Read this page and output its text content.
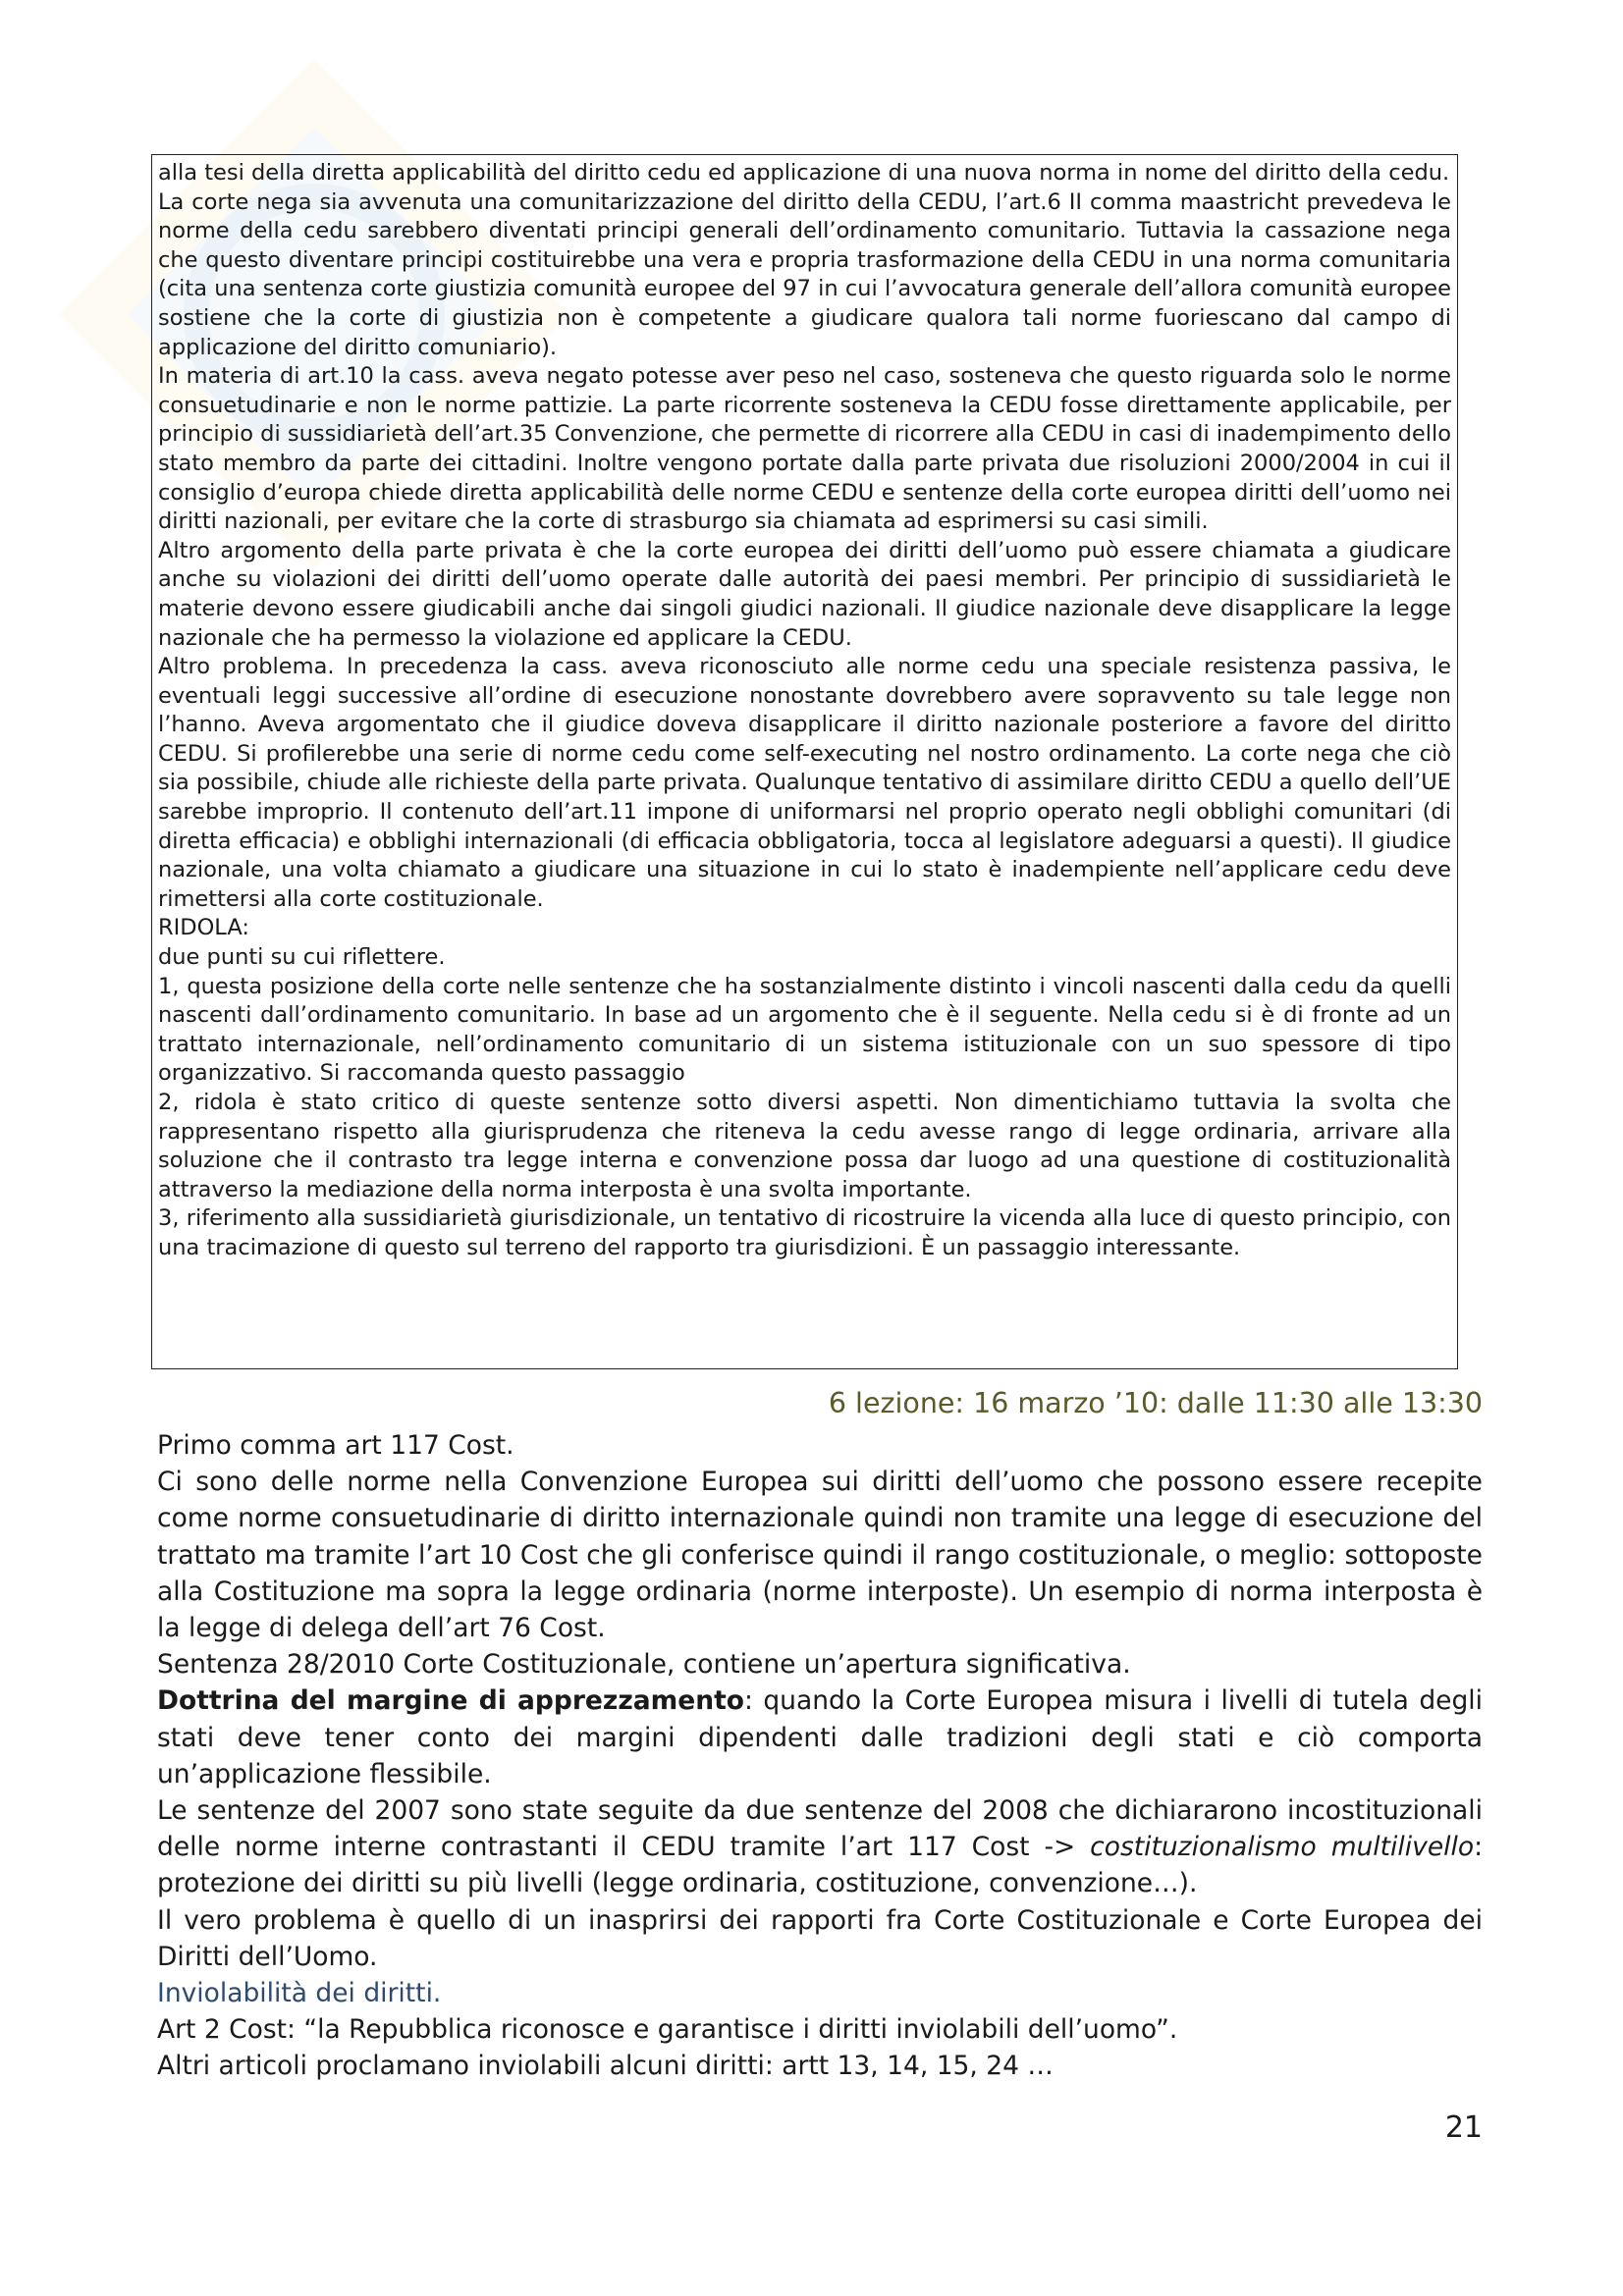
alla tesi della diretta applicabilità del diritto cedu ed applicazione di una nuova norma in nome del diritto della cedu.

La corte nega sia avvenuta una comunitarizzazione del diritto della CEDU, l’art.6 II comma maastricht prevedeva le norme della cedu sarebbero diventati principi generali dell’ordinamento comunitario. Tuttavia la cassazione nega che questo diventare principi costituirebbe una vera e propria trasformazione della CEDU in una norma comunitaria (cita una sentenza corte giustizia comunità europee del 97 in cui l’avvocatura generale dell’allora comunità europee sostiene che la corte di giustizia non è competente a giudicare qualora tali norme fuoriescano dal campo di applicazione del diritto comuniario).

In materia di art.10 la cass. aveva negato potesse aver peso nel caso, sosteneva che questo riguarda solo le norme consuetudinarie e non le norme pattizie. La parte ricorrente sosteneva la CEDU fosse direttamente applicabile, per principio di sussidiarietà dell’art.35 Convenzione, che permette di ricorrere alla CEDU in casi di inadempimento dello stato membro da parte dei cittadini. Inoltre vengono portate dalla parte privata due risoluzioni 2000/2004 in cui il consiglio d’europa chiede diretta applicabilità delle norme CEDU e sentenze della corte europea diritti dell’uomo nei diritti nazionali, per evitare che la corte di strasburgo sia chiamata ad esprimersi su casi simili.

Altro argomento della parte privata è che la corte europea dei diritti dell’uomo può essere chiamata a giudicare anche su violazioni dei diritti dell’uomo operate dalle autorità dei paesi membri. Per principio di sussidiarietà le materie devono essere giudicabili anche dai singoli giudici nazionali. Il giudice nazionale deve disapplicare la legge nazionale che ha permesso la violazione ed applicare la CEDU.

Altro problema. In precedenza la cass. aveva riconosciuto alle norme cedu una speciale resistenza passiva, le eventuali leggi successive all’ordine di esecuzione nonostante dovrebbero avere sopravvento su tale legge non l’hanno. Aveva argomentato che il giudice doveva disapplicare il diritto nazionale posteriore a favore del diritto CEDU. Si profilerebbe una serie di norme cedu come self-executing nel nostro ordinamento. La corte nega che ciò sia possibile, chiude alle richieste della parte privata. Qualunque tentativo di assimilare diritto CEDU a quello dell’UE sarebbe improprio. Il contenuto dell’art.11 impone di uniformarsi nel proprio operato negli obblighi comunitari (di diretta efficacia) e obblighi internazionali (di efficacia obbligatoria, tocca al legislatore adeguarsi a questi). Il giudice nazionale, una volta chiamato a giudicare una situazione in cui lo stato è inadempiente nell’applicare cedu deve rimettersi alla corte costituzionale.

RIDOLA:

due punti su cui riflettere.

1, questa posizione della corte nelle sentenze che ha sostanzialmente distinto i vincoli nascenti dalla cedu da quelli nascenti dall’ordinamento comunitario. In base ad un argomento che è il seguente. Nella cedu si è di fronte ad un trattato internazionale, nell’ordinamento comunitario di un sistema istituzionale con un suo spessore di tipo organizzativo. Si raccomanda questo passaggio

2, ridola è stato critico di queste sentenze sotto diversi aspetti. Non dimentichiamo tuttavia la svolta che rappresentano rispetto alla giurisprudenza che riteneva la cedu avesse rango di legge ordinaria, arrivare alla soluzione che il contrasto tra legge interna e convenzione possa dar luogo ad una questione di costituzionalità attraverso la mediazione della norma interposta è una svolta importante.

3, riferimento alla sussidiarietà giurisdizionale, un tentativo di ricostruire la vicenda alla luce di questo principio, con una tracimazione di questo sul terreno del rapporto tra giurisdizioni. È un passaggio interessante.

6 lezione: 16 marzo ’10: dalle 11:30 alle 13:30

Primo comma art 117 Cost.

Ci sono delle norme nella Convenzione Europea sui diritti dell’uomo che possono essere recepite come norme consuetudinarie di diritto internazionale quindi non tramite una legge di esecuzione del trattato ma tramite l’art 10 Cost che gli conferisce quindi il rango costituzionale, o meglio: sottoposte alla Costituzione ma sopra la legge ordinaria (norme interposte). Un esempio di norma interposta è la legge di delega dell’art 76 Cost.

Sentenza 28/2010 Corte Costituzionale, contiene un’apertura significativa.

Dottrina del margine di apprezzamento: quando la Corte Europea misura i livelli di tutela degli stati deve tener conto dei margini dipendenti dalle tradizioni degli stati e ciò comporta un’applicazione flessibile.

Le sentenze del 2007 sono state seguite da due sentenze del 2008 che dichiararono incostituzionali delle norme interne contrastanti il CEDU tramite l’art 117 Cost -> costituzionalismo multilivello: protezione dei diritti su più livelli (legge ordinaria, costituzione, convenzione…).

Il vero problema è quello di un inasprirsi dei rapporti fra Corte Costituzionale e Corte Europea dei Diritti dell’Uomo.

Inviolabilità dei diritti.

Art 2 Cost: “la Repubblica riconosce e garantisce i diritti inviolabili dell’uomo”.

Altri articoli proclamano inviolabili alcuni diritti: artt 13, 14, 15, 24 …

21
